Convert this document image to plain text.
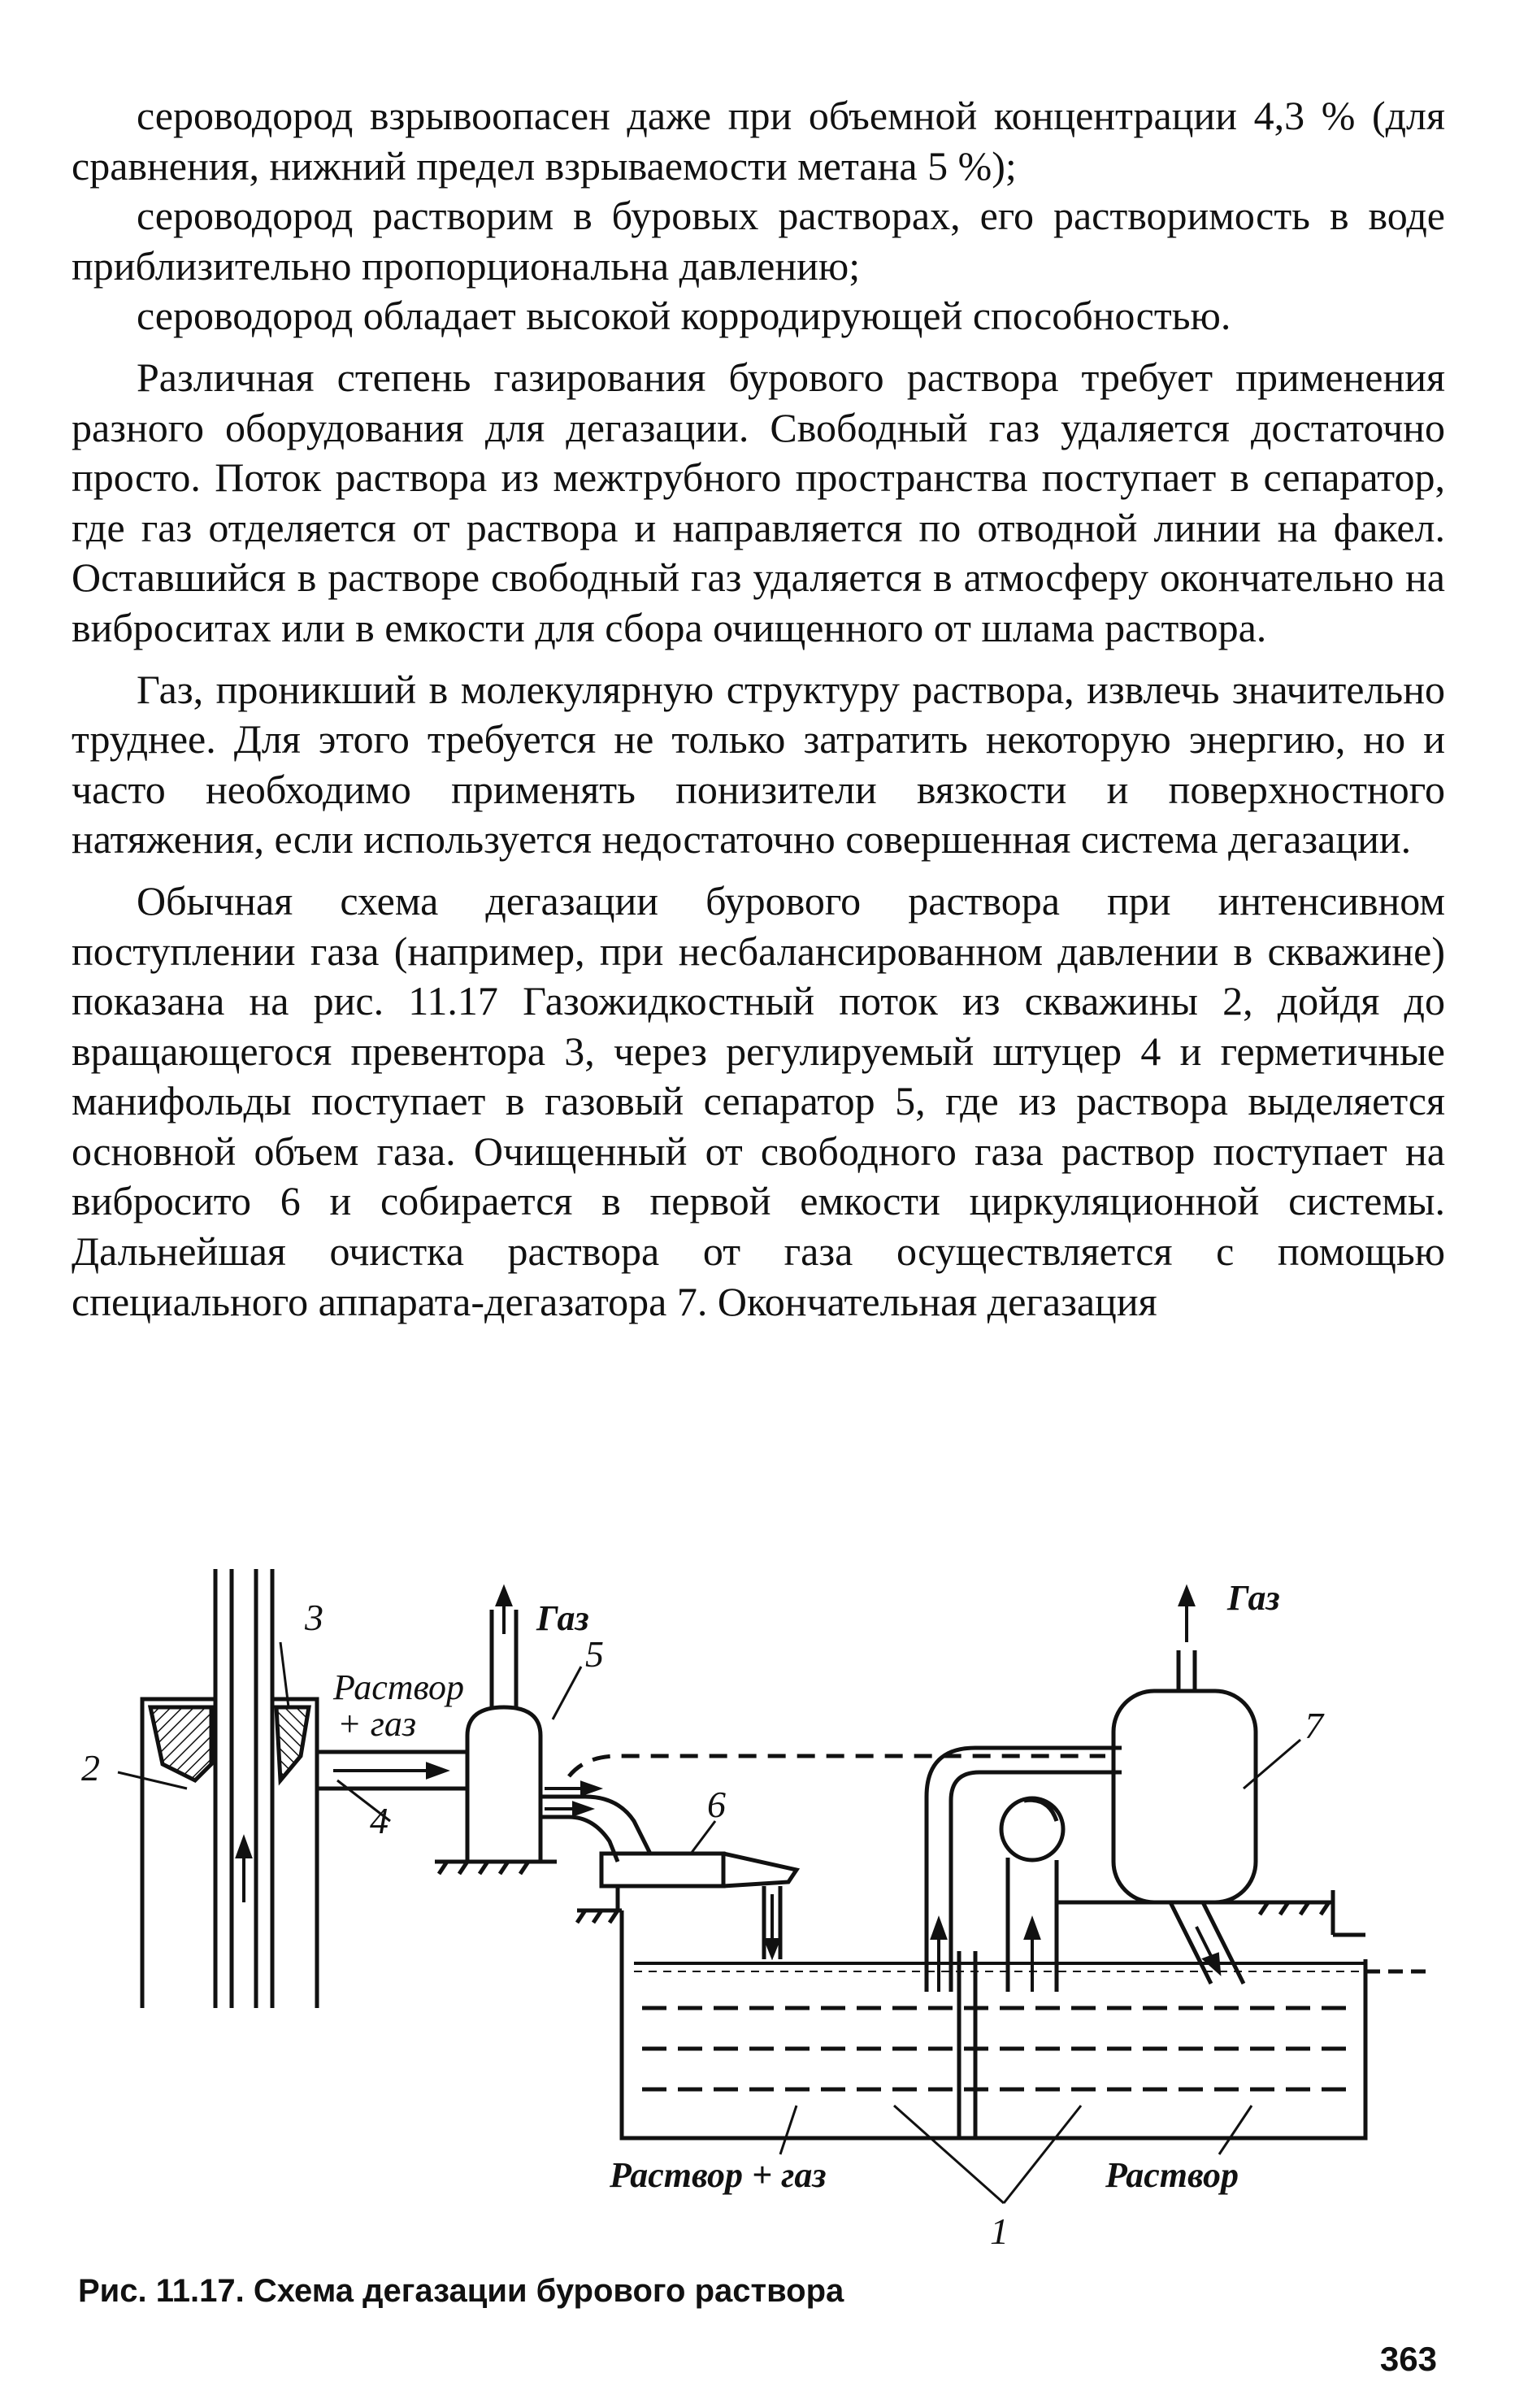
сероводород взрывоопасен даже при объемной концентрации 4,3 % (для сравнения, нижний предел взрываемости метана 5 %);

сероводород растворим в буровых растворах, его растворимость в воде приблизительно пропорциональна давлению;

сероводород обладает высокой корродирующей способностью.

Различная степень газирования бурового раствора требует применения разного оборудования для дегазации. Свободный газ удаляется достаточно просто. Поток раствора из межтрубного пространства поступает в сепаратор, где газ отделяется от раствора и направляется по отводной линии на факел. Оставшийся в растворе свободный газ удаляется в атмосферу окончательно на виброситах или в емкости для сбора очищенного от шлама раствора.

Газ, проникший в молекулярную структуру раствора, извлечь значительно труднее. Для этого требуется не только затратить некоторую энергию, но и часто необходимо применять понизители вязкости и поверхностного натяжения, если используется недостаточно совершенная система дегазации.

Обычная схема дегазации бурового раствора при интенсивном поступлении газа (например, при несбалансированном давлении в скважине) показана на рис. 11.17 Газожидкостный поток из скважины 2, дойдя до вращающегося превентора 3, через регулируемый штуцер 4 и герметичные манифольды поступает в газовый сепаратор 5, где из раствора выделяется основной объем газа. Очищенный от свободного газа раствор поступает на виброcито 6 и собирается в первой емкости циркуляционной системы. Дальнейшая очистка раствора от газа осуществляется с помощью специального аппарата-дегазатора 7. Окончательная дегазация

Газ
Газ
Раствор
+ газ
Раствор + газ	Раствор
1
2
3
4
5
6
7
Рис. 11.17. Схема дегазации бурового раствора
363
